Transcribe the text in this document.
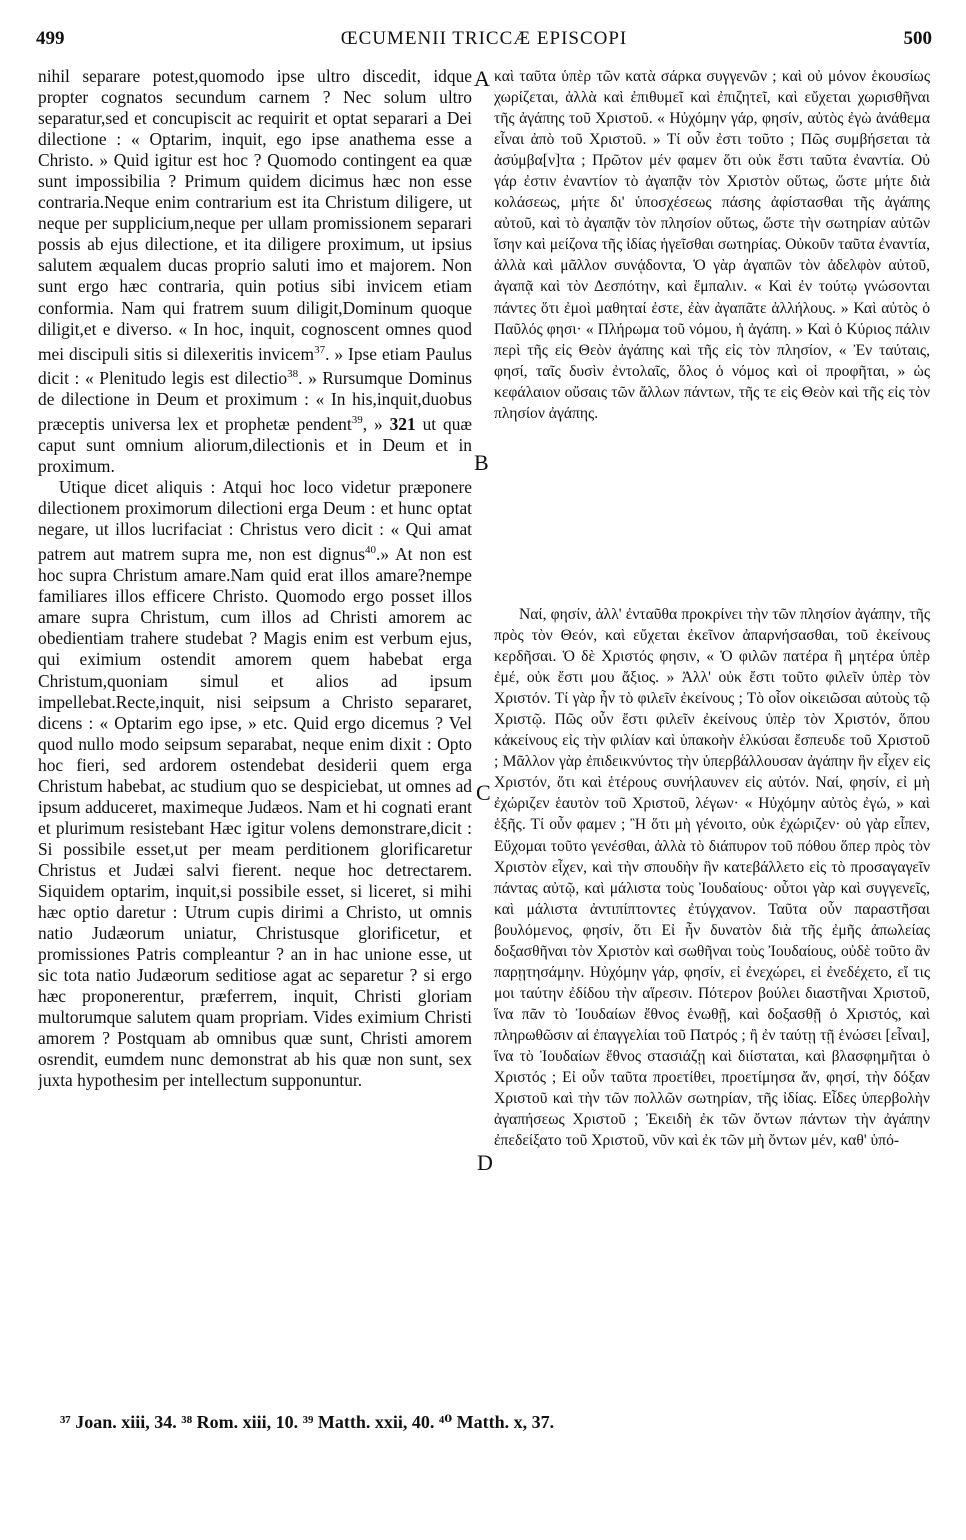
499	ŒCUMENII TRICCÆ EPISCOPI	500

nihil separare potest,quomodo ipse ultro discedit, idque propter cognatos secundum carnem ? Nec solum ultro separatur,sed et concupiscit ac requirit et optat separari a Dei dilectione : « Optarim, inquit, ego ipse anathema esse a Christo. » Quid igitur est hoc ? Quomodo contingent ea quæ sunt impossibilia ? Primum quidem dicimus hæc non esse contraria.Neque enim contrarium est ita Christum diligere, ut neque per supplicium,neque per ullam promissionem separari possis ab ejus dilectione, et ita diligere proximum, ut ipsius salutem æqualem ducas proprio saluti imo et majorem. Non sunt ergo hæc contraria, quin potius sibi invicem etiam conformia. Nam qui fratrem suum diligit,Dominum quoque diligit,et e diverso. « In hoc, inquit, cognoscent omnes quod mei discipuli sitis si dilexeritis invicem$^{37}$. » Ipse etiam Paulus dicit : « Plenitudo legis est dilectio$^{38}$. » Rursumque Dominus de dilectione in Deum et proximum : « In his,inquit,duobus præceptis universa lex et prophetæ pendent$^{39}$, » 321 ut quæ caput sunt omnium aliorum,dilectionis et in Deum et in proximum.

Utique dicet aliquis : Atqui hoc loco videtur præponere dilectionem proximorum dilectioni erga Deum : et hunc optat negare, ut illos lucrifaciat : Christus vero dicit : « Qui amat patrem aut matrem supra me, non est dignus$^{40}$.» At non est hoc supra Christum amare.Nam quid erat illos amare?nempe familiares illos efficere Christo. Quomodo ergo posset illos amare supra Christum, cum illos ad Christi amorem ac obedientiam trahere studebat ? Magis enim est verbum ejus, qui eximium ostendit amorem quem habebat erga Christum,quoniam simul et alios ad ipsum impellebat.Recte,inquit, nisi seipsum a Christo separaret, dicens : « Optarim ego ipse, » etc. Quid ergo dicemus ? Vel quod nullo modo seipsum separabat, neque enim dixit : Opto hoc fieri, sed ardorem ostendebat desiderii quem erga Christum habebat, ac studium quo se despiciebat, ut omnes ad ipsum adduceret, maximeque Judæos. Nam et hi cognati erant et plurimum resistebant Hæc igitur volens demonstrare,dicit : Si possibile esset,ut per meam perditionem glorificaretur Christus et Judæi salvi fierent. neque hoc detrectarem. Siquidem optarim, inquit,si possibile esset, si liceret, si mihi hæc optio daretur : Utrum cupis dirimi a Christo, ut omnis natio Judæorum uniatur, Christusque glorificetur, et promissiones Patris compleantur ? an in hac unione esse, ut sic tota natio Judæorum seditiose agat ac separetur ? si ergo hæc proponerentur, præferrem, inquit, Christi gloriam multorumque salutem quam propriam. Vides eximium Christi amorem ? Postquam ab omnibus quæ sunt, Christi amorem osrendit, eumdem nunc demonstrat ab his quæ non sunt, sex juxta hypothesim per intellectum supponuntur.

A
B
C
D
καὶ ταῦτα ὑπὲρ τῶν κατὰ σάρκα συγγενῶν ; καὶ οὐ μόνον ἑκουσίως χωρίζεται, ἀλλὰ καὶ ἐπιθυμεῖ καὶ ἐπιζητεῖ, καὶ εὔχεται χωρισθῆναι τῆς ἀγάπης τοῦ Χριστοῦ. « Ηὐχόμην γάρ, φησίν, αὐτὸς ἐγὼ ἀνάθεμα εἶναι ἀπὸ τοῦ Χριστοῦ. » Τί οὖν ἐστι τοῦτο ; Πῶς συμβήσεται τὰ ἀσύμβα[ν]τα ; Πρῶτον μέν φαμεν ὅτι οὐκ ἔστι ταῦτα ἐναντία. Οὐ γάρ ἐστιν ἐναντίον τὸ ἀγαπᾷν τὸν Χριστὸν οὕτως, ὥστε μήτε διὰ κολάσεως, μήτε δι' ὑποσχέσεως πάσης ἀφίστασθαι τῆς ἀγάπης αὐτοῦ, καὶ τὸ ἀγαπᾷν τὸν πλησίον οὕτως, ὥστε τὴν σωτηρίαν αὐτῶν ἴσην καὶ μείζονα τῆς ἰδίας ἡγεῖσθαι σωτηρίας. Οὐκοῦν ταῦτα ἐναντία, ἀλλὰ καὶ μᾶλλον συνᾴδοντα, Ὁ γὰρ ἀγαπῶν τὸν ἀδελφὸν αὐτοῦ, ἀγαπᾷ καὶ τὸν Δεσπότην, καὶ ἔμπαλιν. « Καὶ ἐν τούτῳ γνώσονται πάντες ὅτι ἐμοὶ μαθηταί ἐστε, ἐὰν ἀγαπᾶτε ἀλλήλους. » Καὶ αὐτὸς ὁ Παῦλός φησι· « Πλήρωμα τοῦ νόμου, ἡ ἀγάπη. » Καὶ ὁ Κύριος πάλιν περὶ τῆς εἰς Θεὸν ἀγάπης καὶ τῆς εἰς τὸν πλησίον, « Ἐν ταύταις, φησί, ταῖς δυσὶν ἐντολαῖς, ὅλος ὁ νόμος καὶ οἱ προφῆται, » ὡς κεφάλαιον οὔσαις τῶν ἄλλων πάντων, τῆς τε εἰς Θεὸν καὶ τῆς εἰς τὸν πλησίον ἀγάπης.

Ναί, φησίν, ἀλλ' ἐνταῦθα προκρίνει τὴν τῶν πλησίον ἀγάπην, τῆς πρὸς τὸν Θεόν, καὶ εὔχεται ἐκεῖνον ἀπαρνήσασθαι, τοῦ ἐκείνους κερδῆσαι. Ὁ δὲ Χριστός φησιν, « Ὁ φιλῶν πατέρα ἢ μητέρα ὑπὲρ ἐμέ, οὐκ ἔστι μου ἄξιος. » Ἀλλ' οὐκ ἔστι τοῦτο φιλεῖν ὑπὲρ τὸν Χριστόν. Τί γὰρ ἦν τὸ φιλεῖν ἐκείνους ; Τὸ οἷον οἰκειῶσαι αὐτοὺς τῷ Χριστῷ. Πῶς οὖν ἔστι φιλεῖν ἐκείνους ὑπὲρ τὸν Χριστόν, ὅπου κἀκείνους εἰς τὴν φιλίαν καὶ ὑπακοὴν ἑλκύσαι ἔσπευδε τοῦ Χριστοῦ ; Μᾶλλον γὰρ ἐπιδεικνύντος τὴν ὑπερβάλλουσαν ἀγάπην ἣν εἶχεν εἰς Χριστόν, ὅτι καὶ ἑτέρους συνήλαυνεν εἰς αὐτόν. Ναί, φησίν, εἰ μὴ ἐχώριζεν ἑαυτὸν τοῦ Χριστοῦ, λέγων· « Ηὐχόμην αὐτὸς ἐγώ, » καὶ ἑξῆς. Τί οὖν φαμεν ; Ἢ ὅτι μὴ γένοιτο, οὐκ ἐχώριζεν· οὐ γὰρ εἶπεν, Εὔχομαι τοῦτο γενέσθαι, ἀλλὰ τὸ διάπυρον τοῦ πόθου ὅπερ πρὸς τὸν Χριστὸν εἶχεν, καὶ τὴν σπουδὴν ἣν κατεβάλλετο εἰς τὸ προσαγαγεῖν πάντας αὐτῷ, καὶ μάλιστα τοὺς Ἰουδαίους· οὗτοι γὰρ καὶ συγγενεῖς, καὶ μάλιστα ἀντιπίπτοντες ἐτύγχανον. Ταῦτα οὖν παραστῆσαι βουλόμενος, φησίν, ὅτι Εἰ ἦν δυνατὸν διὰ τῆς ἐμῆς ἀπωλείας δοξασθῆναι τὸν Χριστὸν καὶ σωθῆναι τοὺς Ἰουδαίους, οὐδὲ τοῦτο ἂν παρῃτησάμην. Ηὐχόμην γάρ, φησίν, εἰ ἐνεχώρει, εἰ ἐνεδέχετο, εἴ τις μοι ταύτην ἐδίδου τὴν αἵρεσιν. Πότερον βούλει διαστῆναι Χριστοῦ, ἵνα πᾶν τὸ Ἰουδαίων ἔθνος ἑνωθῇ, καὶ δοξασθῇ ὁ Χριστός, καὶ πληρωθῶσιν αἱ ἐπαγγελίαι τοῦ Πατρός ; ἢ ἐν ταύτῃ τῇ ἑνώσει [εἶναι], ἵνα τὸ Ἰουδαίων ἔθνος στασιάζῃ καὶ διίσταται, καὶ βλασφημῆται ὁ Χριστός ; Εἰ οὖν ταῦτα προετίθει, προετίμησα ἄν, φησί, τὴν δόξαν Χριστοῦ καὶ τὴν τῶν πολλῶν σωτηρίαν, τῆς ἰδίας. Εἶδες ὑπερβολὴν ἀγαπήσεως Χριστοῦ ; Ἐκειδὴ ἐκ τῶν ὄντων πάντων τὴν ἀγάπην ἐπεδείξατο τοῦ Χριστοῦ, νῦν καὶ ἐκ τῶν μὴ ὄντων μέν, καθ' ὑπό-

³⁷ Joan. xiii, 34. ³⁸ Rom. xiii, 10. ³⁹ Matth. xxii, 40. ⁴⁰ Matth. x, 37.
